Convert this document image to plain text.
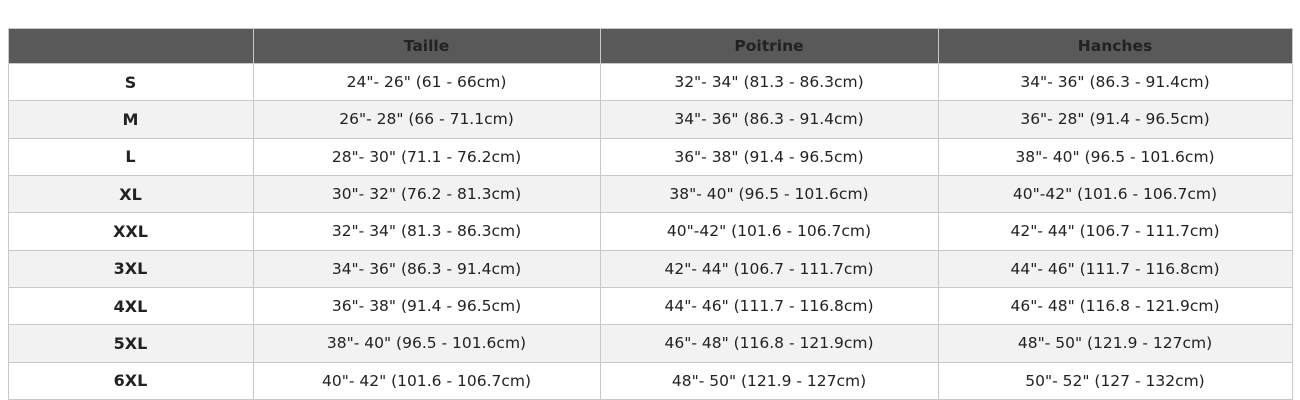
	Taille	Poitrine	Hanches
S	24"- 26" (61 - 66cm)	32"- 34" (81.3 - 86.3cm)	34"- 36" (86.3 - 91.4cm)
M	26"- 28" (66 - 71.1cm)	34"- 36" (86.3 - 91.4cm)	36"- 28" (91.4 - 96.5cm)
L	28"- 30" (71.1 - 76.2cm)	36"- 38" (91.4 - 96.5cm)	38"- 40" (96.5 - 101.6cm)
XL	30"- 32" (76.2 - 81.3cm)	38"- 40" (96.5 - 101.6cm)	40"-42" (101.6 - 106.7cm)
XXL	32"- 34" (81.3 - 86.3cm)	40"-42" (101.6 - 106.7cm)	42"- 44" (106.7 - 111.7cm)
3XL	34"- 36" (86.3 - 91.4cm)	42"- 44" (106.7 - 111.7cm)	44"- 46" (111.7 - 116.8cm)
4XL	36"- 38" (91.4 - 96.5cm)	44"- 46" (111.7 - 116.8cm)	46"- 48" (116.8 - 121.9cm)
5XL	38"- 40" (96.5 - 101.6cm)	46"- 48" (116.8 - 121.9cm)	48"- 50" (121.9 - 127cm)
6XL	40"- 42" (101.6 - 106.7cm)	48"- 50" (121.9 - 127cm)	50"- 52" (127 - 132cm)
